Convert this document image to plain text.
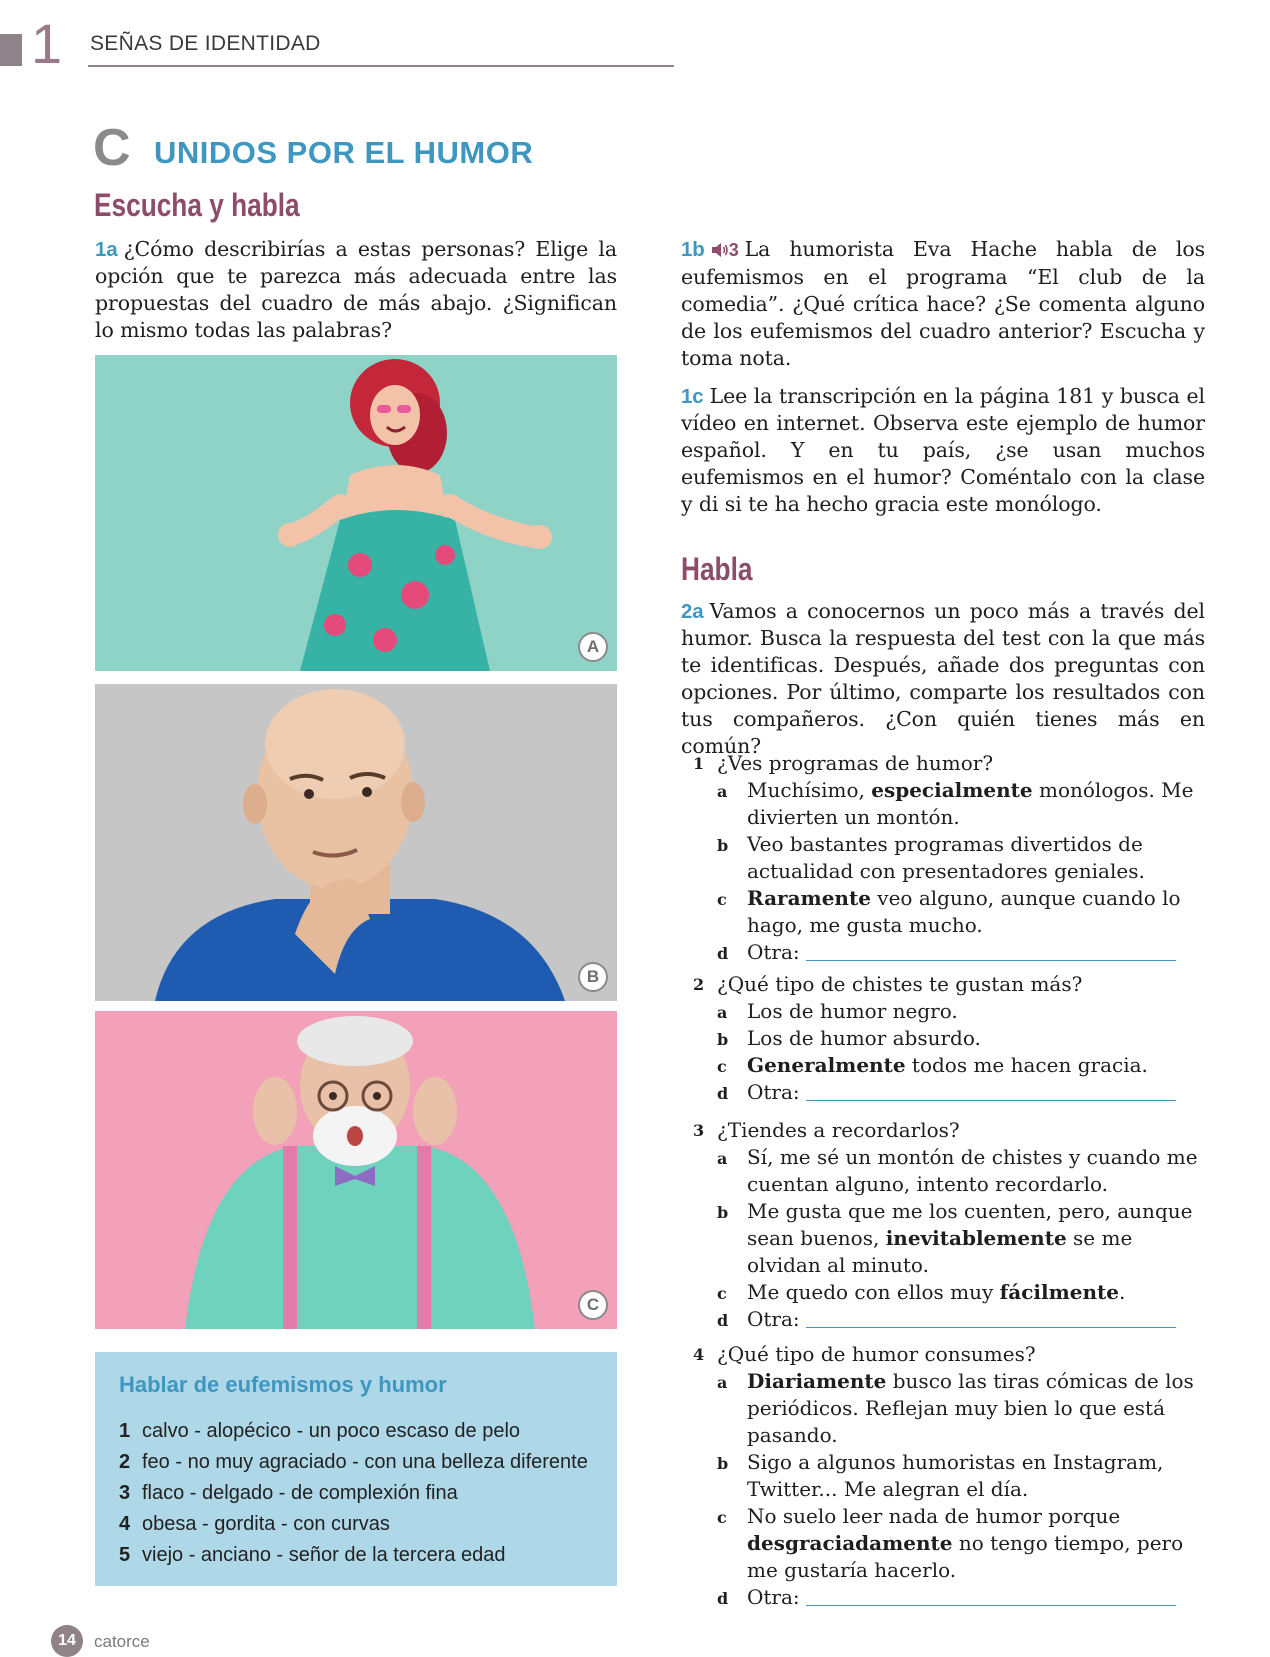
1 SEÑAS DE IDENTIDAD
C UNIDOS POR EL HUMOR
Escucha y habla

1a ¿Cómo describirías a estas personas? Elige la opción que te parezca más adecuada entre las propuestas del cuadro de más abajo. ¿Significan lo mismo todas las palabras?

A
B
C
Hablar de eufemismos y humor
1 calvo - alopécico - un poco escaso de pelo
2 feo - no muy agraciado - con una belleza diferente
3 flaco - delgado - de complexión fina
4 obesa - gordita - con curvas
5 viejo - anciano - señor de la tercera edad

1b 3 La humorista Eva Hache habla de los eufemismos en el programa “El club de la comedia”. ¿Qué crítica hace? ¿Se comenta alguno de los eufemismos del cuadro anterior? Escucha y toma nota.

1c Lee la transcripción en la página 181 y busca el vídeo en internet. Observa este ejemplo de humor español. Y en tu país, ¿se usan muchos eufemismos en el humor? Coméntalo con la clase y di si te ha hecho gracia este monólogo.

Habla

2a Vamos a conocernos un poco más a través del humor. Busca la respuesta del test con la que más te identificas. Después, añade dos preguntas con opciones. Por último, comparte los resultados con tus compañeros. ¿Con quién tienes más en común?

1 ¿Ves programas de humor?
a Muchísimo, especialmente monólogos. Me divierten un montón.
b Veo bastantes programas divertidos de actualidad con presentadores geniales.
c Raramente veo alguno, aunque cuando lo hago, me gusta mucho.
d Otra:
2 ¿Qué tipo de chistes te gustan más?
a Los de humor negro.
b Los de humor absurdo.
c Generalmente todos me hacen gracia.
d Otra:
3 ¿Tiendes a recordarlos?
a Sí, me sé un montón de chistes y cuando me cuentan alguno, intento recordarlo.
b Me gusta que me los cuenten, pero, aunque sean buenos, inevitablemente se me olvidan al minuto.
c Me quedo con ellos muy fácilmente.
d Otra:
4 ¿Qué tipo de humor consumes?
a Diariamente busco las tiras cómicas de los periódicos. Reflejan muy bien lo que está pasando.
b Sigo a algunos humoristas en Instagram, Twitter... Me alegran el día.
c No suelo leer nada de humor porque desgraciadamente no tengo tiempo, pero me gustaría hacerlo.
d Otra:
14	catorce
